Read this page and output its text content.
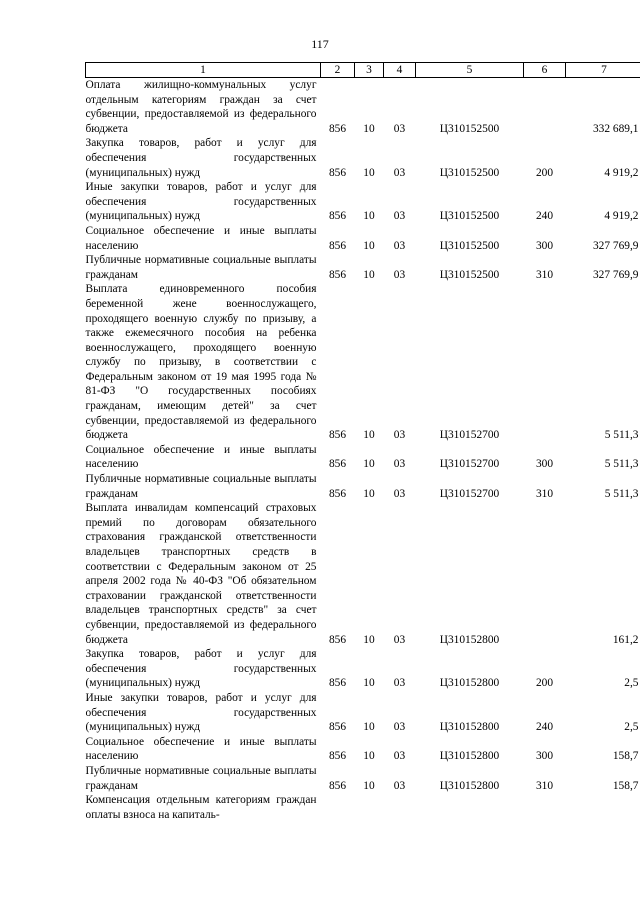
117
1	2	3	4	5	6	7
Оплата жилищно-коммунальных услуг отдельным категориям граждан за счет субвенции, предоставляемой из федерального бюджета	856	10	03	Ц310152500		332 689,1
Закупка товаров, работ и услуг для обеспечения государственных (муниципальных) нужд	856	10	03	Ц310152500	200	4 919,2
Иные закупки товаров, работ и услуг для обеспечения государственных (муниципальных) нужд	856	10	03	Ц310152500	240	4 919,2
Социальное обеспечение и иные выплаты населению	856	10	03	Ц310152500	300	327 769,9
Публичные нормативные социальные выплаты гражданам	856	10	03	Ц310152500	310	327 769,9
Выплата единовременного пособия беременной жене военнослужащего, проходящего военную службу по призыву, а также ежемесячного пособия на ребенка военнослужащего, проходящего военную службу по призыву, в соответствии с Федеральным законом от 19 мая 1995 года № 81-ФЗ "О государственных пособиях гражданам, имеющим детей" за счет субвенции, предоставляемой из федерального бюджета	856	10	03	Ц310152700		5 511,3
Социальное обеспечение и иные выплаты населению	856	10	03	Ц310152700	300	5 511,3
Публичные нормативные социальные выплаты гражданам	856	10	03	Ц310152700	310	5 511,3
Выплата инвалидам компенсаций страховых премий по договорам обязательного страхования гражданской ответственности владельцев транспортных средств в соответствии с Федеральным законом от 25 апреля 2002 года № 40-ФЗ "Об обязательном страховании гражданской ответственности владельцев транспортных средств" за счет субвенции, предоставляемой из федерального бюджета	856	10	03	Ц310152800		161,2
Закупка товаров, работ и услуг для обеспечения государственных (муниципальных) нужд	856	10	03	Ц310152800	200	2,5
Иные закупки товаров, работ и услуг для обеспечения государственных (муниципальных) нужд	856	10	03	Ц310152800	240	2,5
Социальное обеспечение и иные выплаты населению	856	10	03	Ц310152800	300	158,7
Публичные нормативные социальные выплаты гражданам	856	10	03	Ц310152800	310	158,7
Компенсация отдельным категориям граждан оплаты взноса на капиталь-						
